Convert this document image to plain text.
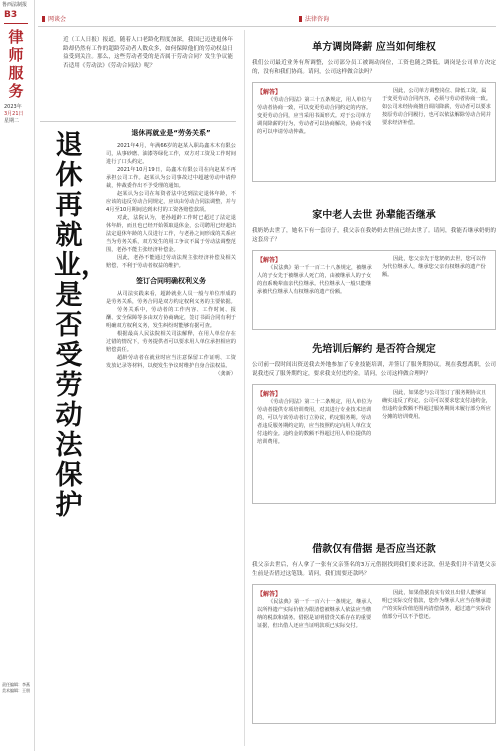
鲁西法制报
B3
律师服务
2023年
3月21日
星期二
责任编辑：李燕
美术编辑：王朋
网谈会	法律咨询
近（工人日报）报道，随着人口老龄化程度加深，我国已迈进退休年龄却仍然有工作的超龄劳动者人数众多，如何保障他们的劳动权益日益受到关注。那么，这些劳动者受的是否属于劳动合同？发生争议能否适用《劳动法》《劳动合同法》呢？
退休再就业，是否受劳动法保护
退休再就业是“劳务关系”

2021年4月，年满66岁的赵某入职岛鑫木木有限公司，从事砂磨、油漆等绿化工作，双方对工资及工作时间进行了口头约定。

2021年10月19日，岛鑫木有限公司在向赵某不再承担公司工作。赵某认为公司事故过中超越劳动申请仲裁，仲裁委作出不予受理的通知。

赵某认为公司在每资者法中达到法定退休年龄，不应该的违反劳动合同规定，应该由劳动合同法调整，并与4月至10月期间达到未付的工资各赔偿款项。

对此，法院认为，老孙超龄工作时已超过了法定退休年龄，而且也已经开始领取退休金，公司聘用已经超出法定退休年龄的人员进行工作，与老孙之间形成的关系应当为劳务关系，双方发生的用工争议不属于劳动法调整范围，老孙不能主张经济补偿金。

因此，老孙不能通过劳动法规主张经济补偿及相关赔偿，不利于劳动者权益的维护。

签订合同明确权利义务

从司法实践来看，超龄就业人员一般与单位形成的是劳务关系，劳务合同是双方约定权利义务的主要依据。

劳务关系中，劳动者的工作内容、工作时间、报酬、安全保障等多由双方协商确定，签订书面合同有利于明确双方权利义务，发生纠纷时能够有据可查。

根据最高人民法院相关司法解释，在用人单位存在过错的情况下，劳务提供者可以要求用人单位承担相应的赔偿责任。

超龄劳动者在就业时应当注意保留工作证明、工资发放记录等材料，以便发生争议时维护自身合法权益。

（龚新）

单方调岗降薪 应当如何维权
我们公司最近业务有所调整，公司部分员工被调动岗位，工资也随之降低。调岗是公司单方决定的，没有和我们协商。请问，公司这样做合法吗？
【解答】

《劳动合同法》第三十五条规定，用人单位与劳动者协商一致，可以变更劳动合同约定的内容。变更劳动合同，应当采用书面形式。对于公司单方调岗降薪的行为，劳动者可以协商解决，协商不成的可以申请劳动仲裁。

因此，公司单方调整岗位、降低工资，属于变更劳动合同内容，必须与劳动者协商一致。如公司未经协商擅自调岗降薪，劳动者可以要求按原劳动合同履行，也可以依法解除劳动合同并要求经济补偿。

家中老人去世 孙辈能否继承
我奶奶去世了，她名下有一套房子，我父亲在我奶奶去世前已经去世了。请问，我能否继承奶奶的这套房子？
【解答】

《民法典》第一千一百二十八条规定，被继承人的子女先于被继承人死亡的，由被继承人的子女的直系晚辈血亲代位继承。代位继承人一般只能继承被代位继承人有权继承的遗产份额。

因此，您父亲先于您奶奶去世，您可以作为代位继承人，继承您父亲有权继承的遗产份额。

先培训后解约 是否符合规定
公司前一段时间出资送我去外地参加了专业技能培训，并签订了服务期协议。现在我想离职，公司说我违反了服务期约定，要求我支付违约金。请问，公司这样做合理吗？
【解答】

《劳动合同法》第二十二条规定，用人单位为劳动者提供专项培训费用，对其进行专业技术培训的，可以与该劳动者订立协议，约定服务期。劳动者违反服务期约定的，应当按照约定向用人单位支付违约金。违约金的数额不得超过用人单位提供的培训费用。

因此，如果您与公司签订了服务期协议且确实违反了约定，公司可以要求您支付违约金，但违约金数额不得超过服务期尚未履行部分所应分摊的培训费用。

借款仅有借据 是否应当还款
我父亲去世后，有人拿了一张有父亲签名的3万元借据找到我们要求还款，但是我们并不清楚父亲生前是否借过这笔钱。请问，我们需要还款吗？
【解答】

《民法典》第一千一百六十一条规定，继承人以所得遗产实际价值为限清偿被继承人依法应当缴纳的税款和债务。借据是证明借贷关系存在的重要证据，但出借人还应当证明款项已实际交付。

因此，如果借据真实有效且出借人能够证明已实际交付借款，您作为继承人应当在继承遗产的实际价值范围内清偿债务，超过遗产实际价值部分可以不予偿还。
